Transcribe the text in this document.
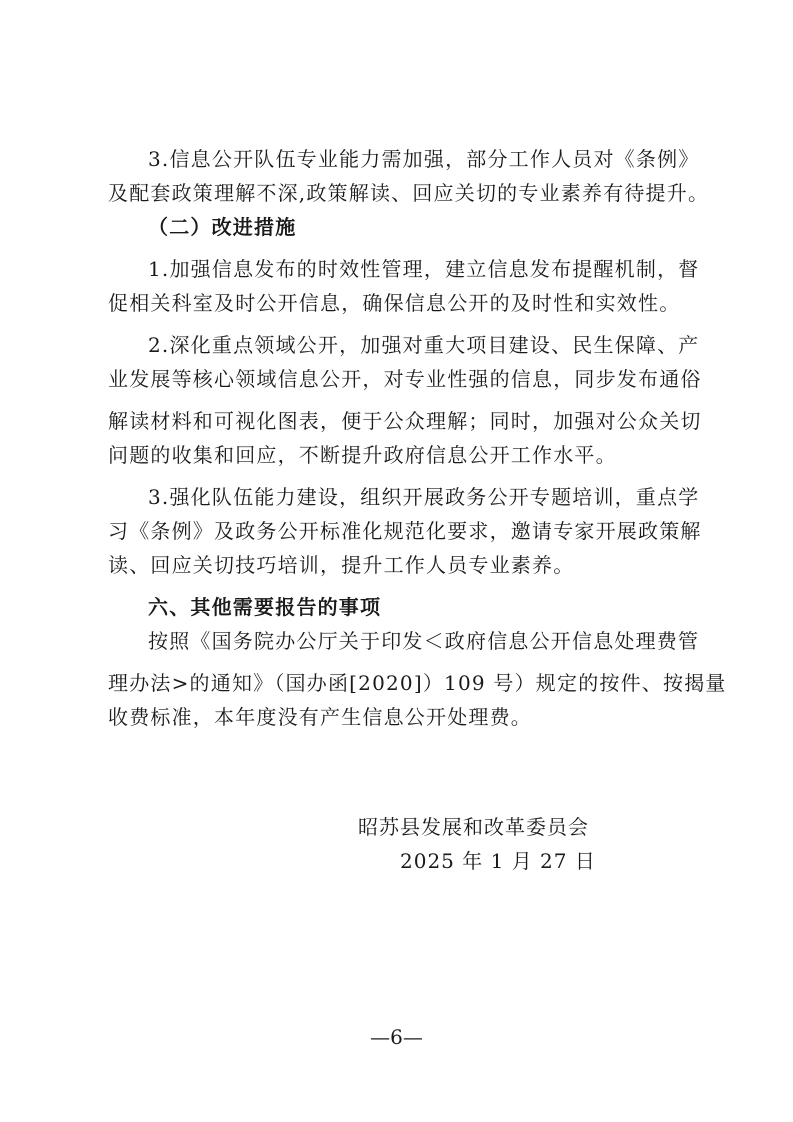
3.信息公开队伍专业能力需加强，部分工作人员对《条例》
及配套政策理解不深,政策解读、回应关切的专业素养有待提升。
（二）改进措施
1.加强信息发布的时效性管理，建立信息发布提醒机制，督
促相关科室及时公开信息，确保信息公开的及时性和实效性。
2.深化重点领域公开，加强对重大项目建设、民生保障、产
业发展等核心领域信息公开，对专业性强的信息，同步发布通俗
解读材料和可视化图表，便于公众理解；同时，加强对公众关切
问题的收集和回应，不断提升政府信息公开工作水平。
3.强化队伍能力建设，组织开展政务公开专题培训，重点学
习《条例》及政务公开标准化规范化要求，邀请专家开展政策解
读、回应关切技巧培训，提升工作人员专业素养。
六、其他需要报告的事项
按照《国务院办公厅关于印发＜政府信息公开信息处理费管
理办法>的通知》（国办函[2020]）109 号）规定的按件、按揭量
收费标准，本年度没有产生信息公开处理费。
昭苏县发展和改革委员会
2025 年 1 月 27 日
—6—
